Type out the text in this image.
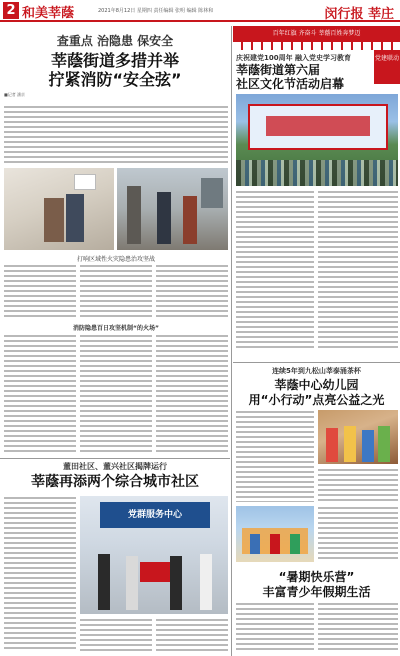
2 和美莘蔭	2021年8月12日 星期四 责任编辑 张明 编辑 陈林和	闵行报 莘庄
查重点 治隐患 保安全
莘蔭街道多措并举
拧紧消防“安全弦”
■记者 潘京
打响区域性火灾隐患治攻坚战
消防隐患百日攻坚机制“的火场”
董田社区、董兴社区揭牌运行
莘蔭再添两个综合城市社区
党群服务中心
百年红旗 齐奋斗 莘蔭百姓奔梦迈
党建联动
庆祝建党100周年 融入党史学习教育
莘蔭街道第六届
社区文化节活动启幕
连续5年到九松山莘泰涌茶杯
莘蔭中心幼儿园
用“小行动”点亮公益之光
“暑期快乐营”
丰富青少年假期生活
